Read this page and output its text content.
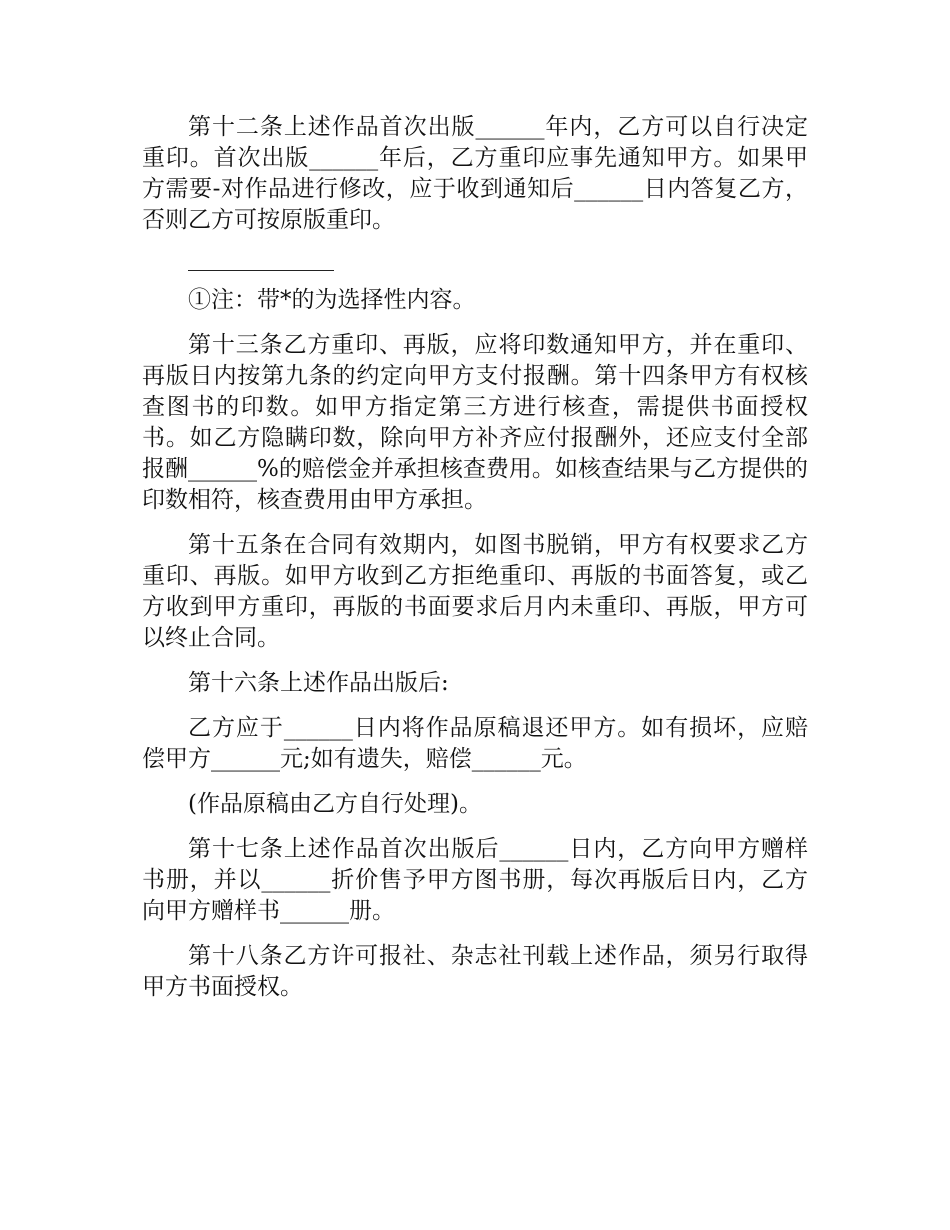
第十二条上述作品首次出版______年内，乙方可以自行决定重印。首次出版______年后，乙方重印应事先通知甲方。如果甲方需要-对作品进行修改，应于收到通知后______日内答复乙方，否则乙方可按原版重印。

①注：带*的为选择性内容。

第十三条乙方重印、再版，应将印数通知甲方，并在重印、再版日内按第九条的约定向甲方支付报酬。第十四条甲方有权核查图书的印数。如甲方指定第三方进行核查，需提供书面授权书。如乙方隐瞒印数，除向甲方补齐应付报酬外，还应支付全部报酬______%的赔偿金并承担核查费用。如核查结果与乙方提供的印数相符，核查费用由甲方承担。

第十五条在合同有效期内，如图书脱销，甲方有权要求乙方重印、再版。如甲方收到乙方拒绝重印、再版的书面答复，或乙方收到甲方重印，再版的书面要求后月内未重印、再版，甲方可以终止合同。

第十六条上述作品出版后:

乙方应于______日内将作品原稿退还甲方。如有损坏，应赔偿甲方______元;如有遗失，赔偿______元。

(作品原稿由乙方自行处理)。

第十七条上述作品首次出版后______日内，乙方向甲方赠样书册，并以______折价售予甲方图书册，每次再版后日内，乙方向甲方赠样书______册。

第十八条乙方许可报社、杂志社刊载上述作品，须另行取得甲方书面授权。
